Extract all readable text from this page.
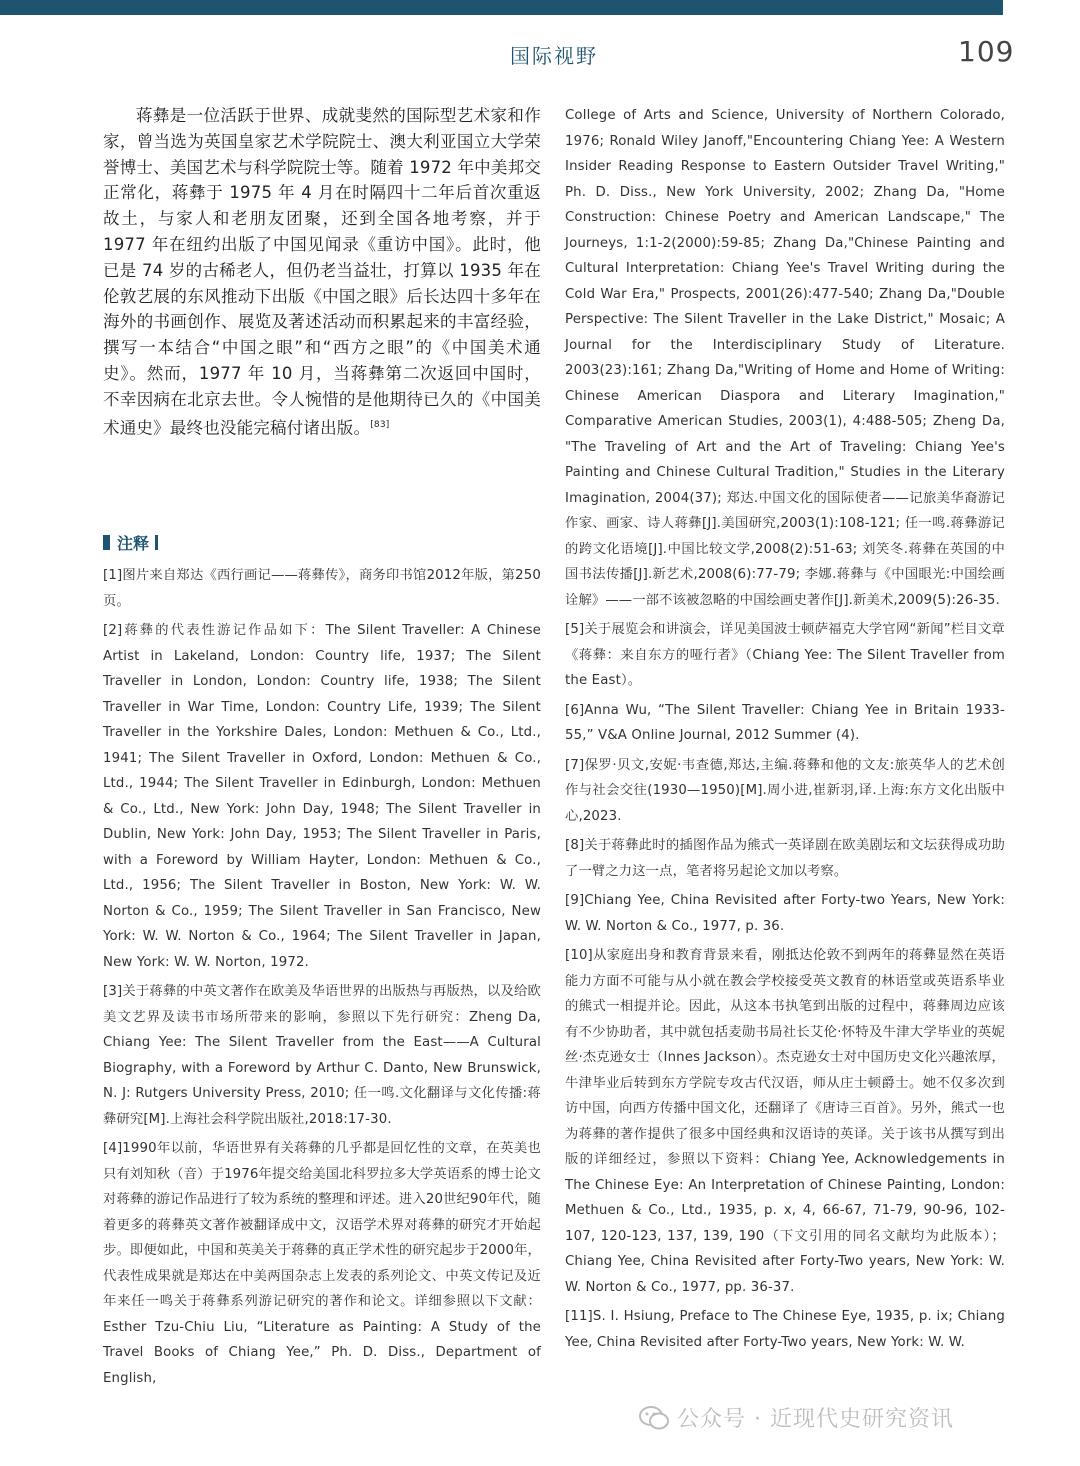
国际视野	109

蒋彝是一位活跃于世界、成就斐然的国际型艺术家和作家，曾当选为英国皇家艺术学院院士、澳大利亚国立大学荣誉博士、美国艺术与科学院院士等。随着 1972 年中美邦交正常化，蒋彝于 1975 年 4 月在时隔四十二年后首次重返故土，与家人和老朋友团聚，还到全国各地考察，并于 1977 年在纽约出版了中国见闻录《重访中国》。此时，他已是 74 岁的古稀老人，但仍老当益壮，打算以 1935 年在伦敦艺展的东风推动下出版《中国之眼》后长达四十多年在海外的书画创作、展览及著述活动而积累起来的丰富经验，撰写一本结合“中国之眼”和“西方之眼”的《中国美术通史》。然而，1977 年 10 月，当蒋彝第二次返回中国时，不幸因病在北京去世。令人惋惜的是他期待已久的《中国美术通史》最终也没能完稿付诸出版。[83]

注释

[1]图片来自郑达《西行画记——蒋彝传》，商务印书馆2012年版，第250页。

[2]蒋彝的代表性游记作品如下：The Silent Traveller: A Chinese Artist in Lakeland, London: Country life, 1937; The Silent Traveller in London, London: Country life, 1938; The Silent Traveller in War Time, London: Country Life, 1939; The Silent Traveller in the Yorkshire Dales, London: Methuen & Co., Ltd., 1941; The Silent Traveller in Oxford, London: Methuen & Co., Ltd., 1944; The Silent Traveller in Edinburgh, London: Methuen & Co., Ltd., New York: John Day, 1948; The Silent Traveller in Dublin, New York: John Day, 1953; The Silent Traveller in Paris, with a Foreword by William Hayter, London: Methuen & Co., Ltd., 1956; The Silent Traveller in Boston, New York: W. W. Norton & Co., 1959; The Silent Traveller in San Francisco, New York: W. W. Norton & Co., 1964; The Silent Traveller in Japan, New York: W. W. Norton, 1972.

[3]关于蒋彝的中英文著作在欧美及华语世界的出版热与再版热，以及给欧美文艺界及读书市场所带来的影响，参照以下先行研究：Zheng Da, Chiang Yee: The Silent Traveller from the East——A Cultural Biography, with a Foreword by Arthur C. Danto, New Brunswick, N. J: Rutgers University Press, 2010; 任一鸣.文化翻译与文化传播:蒋彝研究[M].上海社会科学院出版社,2018:17-30.

[4]1990年以前，华语世界有关蒋彝的几乎都是回忆性的文章，在英美也只有刘知秋（音）于1976年提交给美国北科罗拉多大学英语系的博士论文对蒋彝的游记作品进行了较为系统的整理和评述。进入20世纪90年代，随着更多的蒋彝英文著作被翻译成中文，汉语学术界对蒋彝的研究才开始起步。即便如此，中国和英美关于蒋彝的真正学术性的研究起步于2000年，代表性成果就是郑达在中美两国杂志上发表的系列论文、中英文传记及近年来任一鸣关于蒋彝系列游记研究的著作和论文。详细参照以下文献：Esther Tzu-Chiu Liu, “Literature as Painting: A Study of the Travel Books of Chiang Yee,” Ph. D. Diss., Department of English,

College of Arts and Science, University of Northern Colorado, 1976; Ronald Wiley Janoff,"Encountering Chiang Yee: A Western Insider Reading Response to Eastern Outsider Travel Writing," Ph. D. Diss., New York University, 2002; Zhang Da, "Home Construction: Chinese Poetry and American Landscape," The Journeys, 1:1-2(2000):59-85; Zhang Da,"Chinese Painting and Cultural Interpretation: Chiang Yee's Travel Writing during the Cold War Era," Prospects, 2001(26):477-540; Zhang Da,"Double Perspective: The Silent Traveller in the Lake District," Mosaic; A Journal for the Interdisciplinary Study of Literature. 2003(23):161; Zhang Da,"Writing of Home and Home of Writing: Chinese American Diaspora and Literary Imagination," Comparative American Studies, 2003(1), 4:488-505; Zheng Da, "The Traveling of Art and the Art of Traveling: Chiang Yee's Painting and Chinese Cultural Tradition," Studies in the Literary Imagination, 2004(37); 郑达.中国文化的国际使者——记旅美华裔游记作家、画家、诗人蒋彝[J].美国研究,2003(1):108-121; 任一鸣.蒋彝游记的跨文化语境[J].中国比较文学,2008(2):51-63; 刘笑冬.蒋彝在英国的中国书法传播[J].新艺术,2008(6):77-79; 李娜.蒋彝与《中国眼光:中国绘画诠解》——一部不该被忽略的中国绘画史著作[J].新美术,2009(5):26-35.

[5]关于展览会和讲演会，详见美国波士顿萨福克大学官网“新闻”栏目文章《蒋彝：来自东方的哑行者》（Chiang Yee: The Silent Traveller from the East）。

[6]Anna Wu, “The Silent Traveller: Chiang Yee in Britain 1933-55,” V&A Online Journal, 2012 Summer (4).

[7]保罗·贝文,安妮·韦查德,郑达,主编.蒋彝和他的文友:旅英华人的艺术创作与社会交往(1930—1950)[M].周小进,崔新羽,译.上海:东方文化出版中心,2023.

[8]关于蒋彝此时的插图作品为熊式一英译剧在欧美剧坛和文坛获得成功助了一臂之力这一点，笔者将另起论文加以考察。

[9]Chiang Yee, China Revisited after Forty-two Years, New York: W. W. Norton & Co., 1977, p. 36.

[10]从家庭出身和教育背景来看，刚抵达伦敦不到两年的蒋彝显然在英语能力方面不可能与从小就在教会学校接受英文教育的林语堂或英语系毕业的熊式一相提并论。因此，从这本书执笔到出版的过程中，蒋彝周边应该有不少协助者，其中就包括麦勋书局社长艾伦·怀特及牛津大学毕业的英妮丝·杰克逊女士（Innes Jackson）。杰克逊女士对中国历史文化兴趣浓厚，牛津毕业后转到东方学院专攻古代汉语，师从庄士顿爵士。她不仅多次到访中国，向西方传播中国文化，还翻译了《唐诗三百首》。另外，熊式一也为蒋彝的著作提供了很多中国经典和汉语诗的英译。关于该书从撰写到出版的详细经过，参照以下资料：Chiang Yee, Acknowledgements in The Chinese Eye: An Interpretation of Chinese Painting, London: Methuen & Co., Ltd., 1935, p. x, 4, 66-67, 71-79, 90-96, 102-107, 120-123, 137, 139, 190（下文引用的同名文献均为此版本）；Chiang Yee, China Revisited after Forty-Two years, New York: W. W. Norton & Co., 1977, pp. 36-37.

[11]S. I. Hsiung, Preface to The Chinese Eye, 1935, p. ix; Chiang Yee, China Revisited after Forty-Two years, New York: W. W.

公众号 · 近现代史研究资讯
